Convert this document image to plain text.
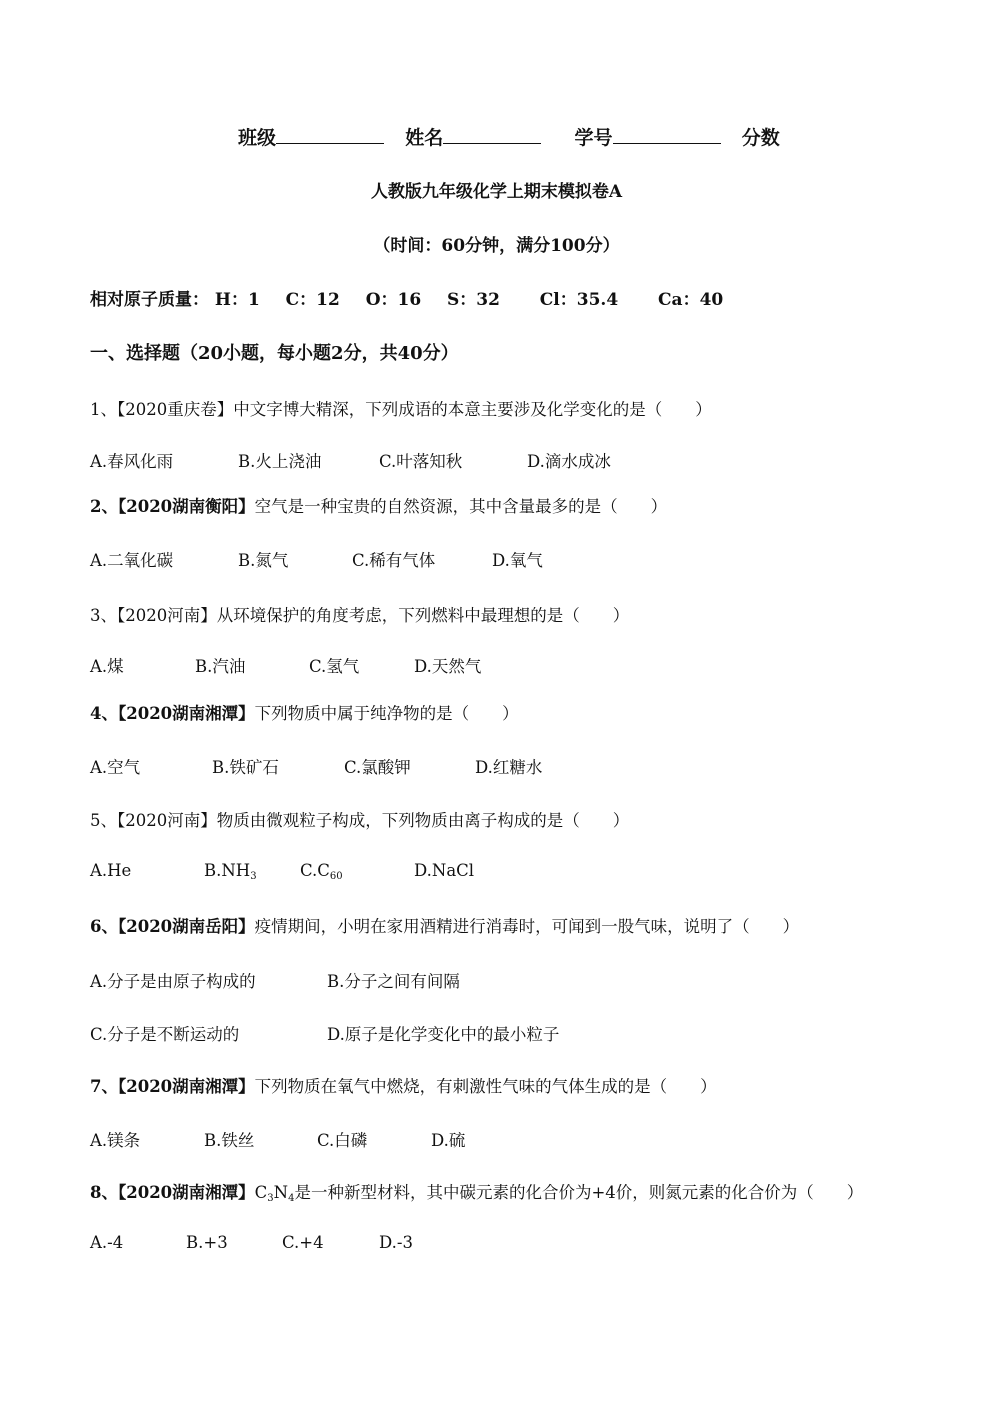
班级	姓名	学号	分数
人教版九年级化学上期末模拟卷A
（时间：60分钟，满分100分）
相对原子质量： H：1 C：12 O：16 S：32 Cl：35.4 Ca：40
一、选择题（20小题，每小题2分，共40分）
1、【2020重庆卷】中文字博大精深，下列成语的本意主要涉及化学变化的是（　　）
A.春风化雨	B.火上浇油	C.叶落知秋	D.滴水成冰
2、【2020湖南衡阳】空气是一种宝贵的自然资源，其中含量最多的是（　　）
A.二氧化碳	B.氮气	C.稀有气体	D.氧气
3、【2020河南】从环境保护的角度考虑，下列燃料中最理想的是（　　）
A.煤	B.汽油	C.氢气	D.天然气
4、【2020湖南湘潭】下列物质中属于纯净物的是（　　）
A.空气	B.铁矿石	C.氯酸钾	D.红糖水
5、【2020河南】物质由微观粒子构成，下列物质由离子构成的是（　　）
A.He	$B.NH_3$	$C.C_{60}$	D.NaCl
6、【2020湖南岳阳】疫情期间，小明在家用酒精进行消毒时，可闻到一股气味，说明了（　　）
A.分子是由原子构成的	B.分子之间有间隔
C.分子是不断运动的	D.原子是化学变化中的最小粒子
7、【2020湖南湘潭】下列物质在氧气中燃烧，有刺激性气味的气体生成的是（　　）
A.镁条	B.铁丝	C.白磷	D.硫
8、【2020湖南湘潭】$C_3N_4$是一种新型材料，其中碳元素的化合价为+4价，则氮元素的化合价为（　　）
A.-4	B.+3	C.+4	D.-3
